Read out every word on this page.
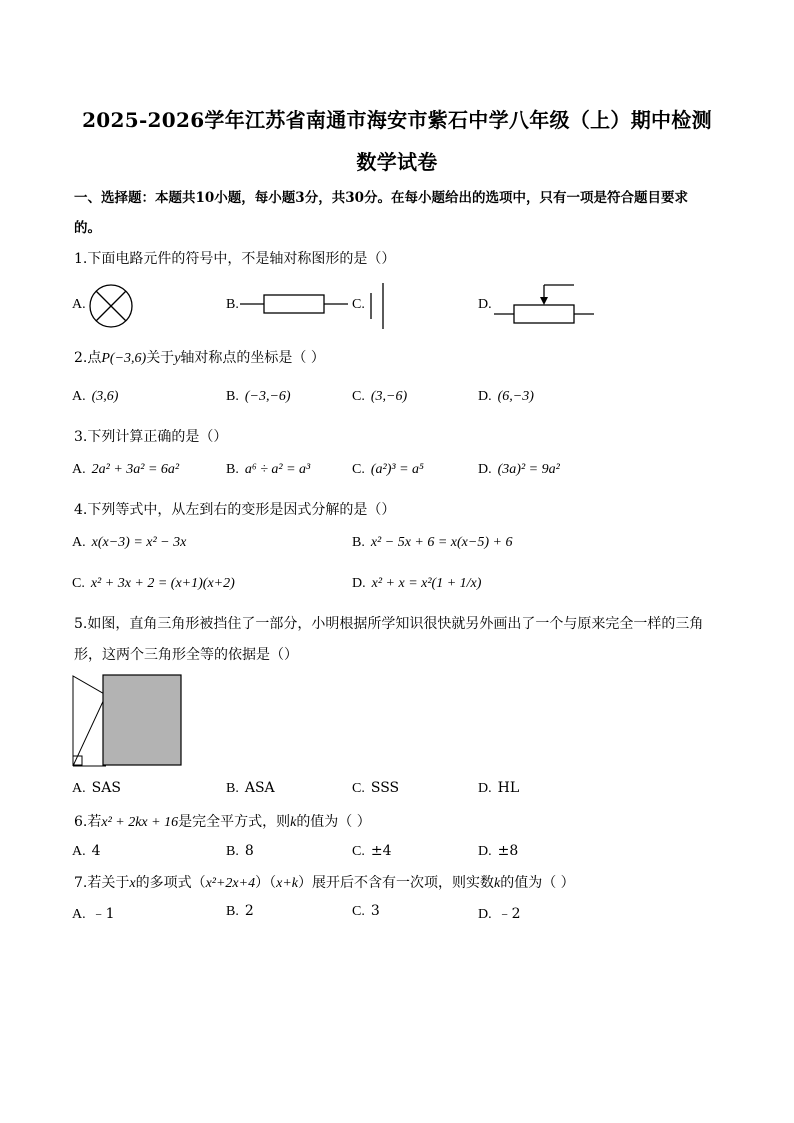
2025-2026学年江苏省南通市海安市紫石中学八年级（上）期中检测
数学试卷
一、选择题：本题共10小题，每小题3分，共30分。在每小题给出的选项中，只有一项是符合题目要求
的。
1.下面电路元件的符号中，不是轴对称图形的是（）
A.	B.	C.	D.
2.点P(−3,6)关于y轴对称点的坐标是（ ）
A. (3,6)	B. (−3,−6)	C. (3,−6)	D. (6,−3)
3.下列计算正确的是（）
A. 2a² + 3a² = 6a²	B. a⁶ ÷ a² = a³	C. (a²)³ = a⁵	D. (3a)² = 9a²
4.下列等式中，从左到右的变形是因式分解的是（）
A. x(x−3) = x² − 3x	B. x² − 5x + 6 = x(x−5) + 6
C. x² + 3x + 2 = (x+1)(x+2)	D. x² + x = x²(1 + 1/x)
5.如图，直角三角形被挡住了一部分，小明根据所学知识很快就另外画出了一个与原来完全一样的三角
形，这两个三角形全等的依据是（）
A. SAS	B. ASA	C. SSS	D. HL
6.若x² + 2kx + 16是完全平方式，则k的值为（ ）
A. 4	B. 8	C. ±4	D. ±8
7.若关于x的多项式（x²+2x+4）（x+k）展开后不含有一次项，则实数k的值为（ ）
A. ﹣1	B. 2	C. 3	D. ﹣2
